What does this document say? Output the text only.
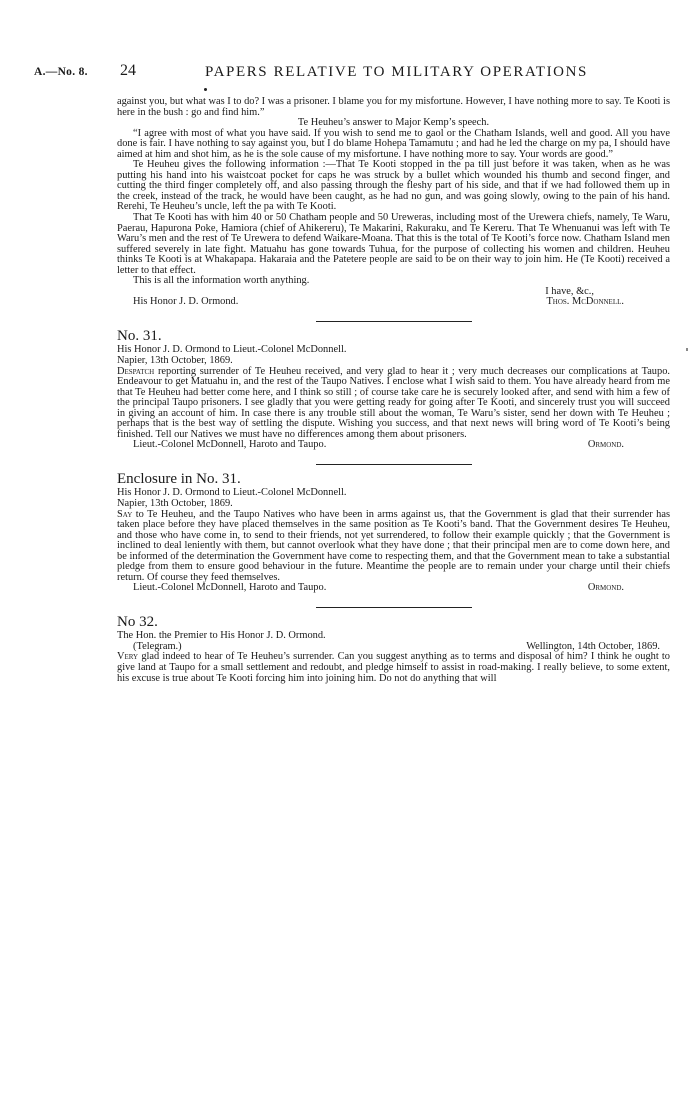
A.—No. 8. 24	PAPERS RELATIVE TO MILITARY OPERATIONS

against you, but what was I to do? I was a prisoner. I blame you for my misfortune. However, I have nothing more to say. Te Kooti is here in the bush : go and find him.”

Te Heuheu’s answer to Major Kemp’s speech.

“I agree with most of what you have said. If you wish to send me to gaol or the Chatham Islands, well and good. All you have done is fair. I have nothing to say against you, but I do blame Hohepa Tamamutu ; and had he led the charge on my pa, I should have aimed at him and shot him, as he is the sole cause of my misfortune. I have nothing more to say. Your words are good.”

Te Heuheu gives the following information :—That Te Kooti stopped in the pa till just before it was taken, when as he was putting his hand into his waistcoat pocket for caps he was struck by a bullet which wounded his thumb and second finger, and cutting the third finger completely off, and also passing through the fleshy part of his side, and that if we had followed them up in the creek, instead of the track, he would have been caught, as he had no gun, and was going slowly, owing to the pain of his hand. Rerehi, Te Heuheu’s uncle, left the pa with Te Kooti.

That Te Kooti has with him 40 or 50 Chatham people and 50 Ureweras, including most of the Urewera chiefs, namely, Te Waru, Paerau, Hapurona Poke, Hamiora (chief of Ahikereru), Te Makarini, Rakuraku, and Te Kereru. That Te Whenuanui was left with Te Waru’s men and the rest of Te Urewera to defend Waikare-Moana. That this is the total of Te Kooti’s force now. Chatham Island men suffered severely in late fight. Matuahu has gone towards Tuhua, for the purpose of collecting his women and children. Heuheu thinks Te Kooti is at Whakapapa. Hakaraia and the Patetere people are said to be on their way to join him. He (Te Kooti) received a letter to that effect.

This is all the information worth anything.

I have, &c.,

His Honor J. D. Ormond.	Thos. McDonnell.

No. 31.

His Honor J. D. Ormond to Lieut.-Colonel McDonnell.

Napier, 13th October, 1869.

Despatch reporting surrender of Te Heuheu received, and very glad to hear it ; very much decreases our complications at Taupo. Endeavour to get Matuahu in, and the rest of the Taupo Natives. I enclose what I wish said to them. You have already heard from me that Te Heuheu had better come here, and I think so still ; of course take care he is securely looked after, and send with him a few of the principal Taupo prisoners. I see gladly that you were getting ready for going after Te Kooti, and sincerely trust you will succeed in giving an account of him. In case there is any trouble still about the woman, Te Waru’s sister, send her down with Te Heuheu ; perhaps that is the best way of settling the dispute. Wishing you success, and that next news will bring word of Te Kooti’s being finished. Tell our Natives we must have no differences among them about prisoners.

Lieut.-Colonel McDonnell, Haroto and Taupo.	Ormond.

Enclosure in No. 31.

His Honor J. D. Ormond to Lieut.-Colonel McDonnell.

Napier, 13th October, 1869.

Say to Te Heuheu, and the Taupo Natives who have been in arms against us, that the Government is glad that their surrender has taken place before they have placed themselves in the same position as Te Kooti’s band. That the Government desires Te Heuheu, and those who have come in, to send to their friends, not yet surrendered, to follow their example quickly ; that the Government is inclined to deal leniently with them, but cannot overlook what they have done ; that their principal men are to come down here, and be informed of the determination the Government have come to respecting them, and that the Government mean to take a substantial pledge from them to ensure good behaviour in the future. Meantime the people are to remain under your charge until their chiefs return. Of course they feed themselves.

Lieut.-Colonel McDonnell, Haroto and Taupo.	Ormond.

No 32.

The Hon. the Premier to His Honor J. D. Ormond.

(Telegram.)	Wellington, 14th October, 1869.

Very glad indeed to hear of Te Heuheu’s surrender. Can you suggest anything as to terms and disposal of him? I think he ought to give land at Taupo for a small settlement and redoubt, and pledge himself to assist in road-making. I really believe, to some extent, his excuse is true about Te Kooti forcing him into joining him. Do not do anything that will
